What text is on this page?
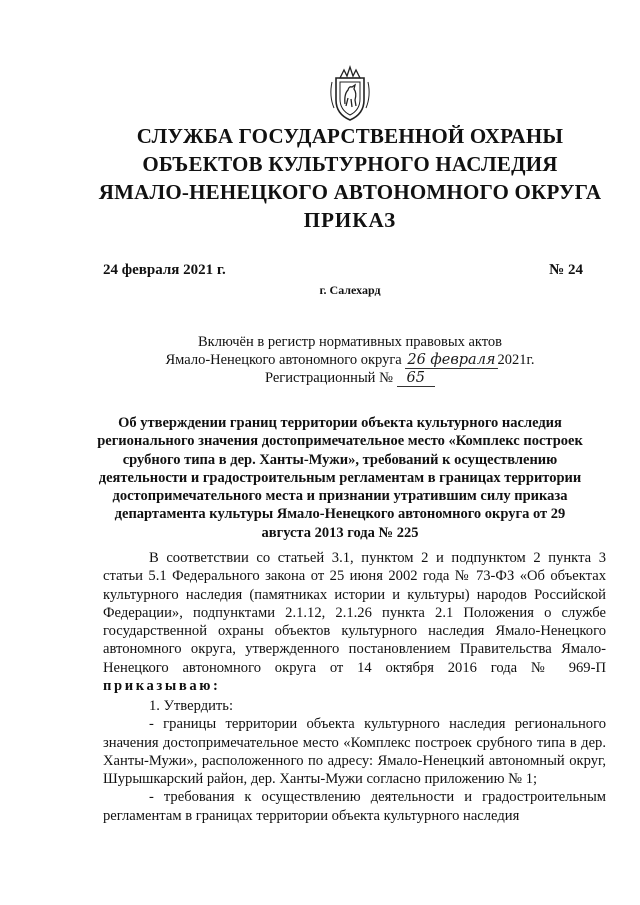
СЛУЖБА ГОСУДАРСТВЕННОЙ ОХРАНЫ
ОБЪЕКТОВ КУЛЬТУРНОГО НАСЛЕДИЯ
ЯМАЛО-НЕНЕЦКОГО АВТОНОМНОГО ОКРУГА
ПРИКАЗ
24 февраля 2021 г.	№ 24
г. Салехард
Включён в регистр нормативных правовых актов
Ямало-Ненецкого автономного округа 26 февраля 2021г.
Регистрационный № 65
Об утверждении границ территории объекта культурного наследия регионального значения достопримечательное место «Комплекс построек срубного типа в дер. Ханты-Мужи», требований к осуществлению деятельности и градостроительным регламентам в границах территории достопримечательного места и признании утратившим силу приказа департамента культуры Ямало-Ненецкого автономного округа от 29 августа 2013 года № 225

В соответствии со статьей 3.1, пунктом 2 и подпунктом 2 пункта 3 статьи 5.1 Федерального закона от 25 июня 2002 года № 73-ФЗ «Об объектах культурного наследия (памятниках истории и культуры) народов Российской Федерации», подпунктами 2.1.12, 2.1.26 пункта 2.1 Положения о службе государственной охраны объектов культурного наследия Ямало-Ненецкого автономного округа, утвержденного постановлением Правительства Ямало-Ненецкого автономного округа от 14 октября 2016 года № 969-П приказываю:

1. Утвердить:

- границы территории объекта культурного наследия регионального значения достопримечательное место «Комплекс построек срубного типа в дер. Ханты-Мужи», расположенного по адресу: Ямало-Ненецкий автономный округ, Шурышкарский район, дер. Ханты-Мужи согласно приложению № 1;

- требования к осуществлению деятельности и градостроительным регламентам в границах территории объекта культурного наследия
